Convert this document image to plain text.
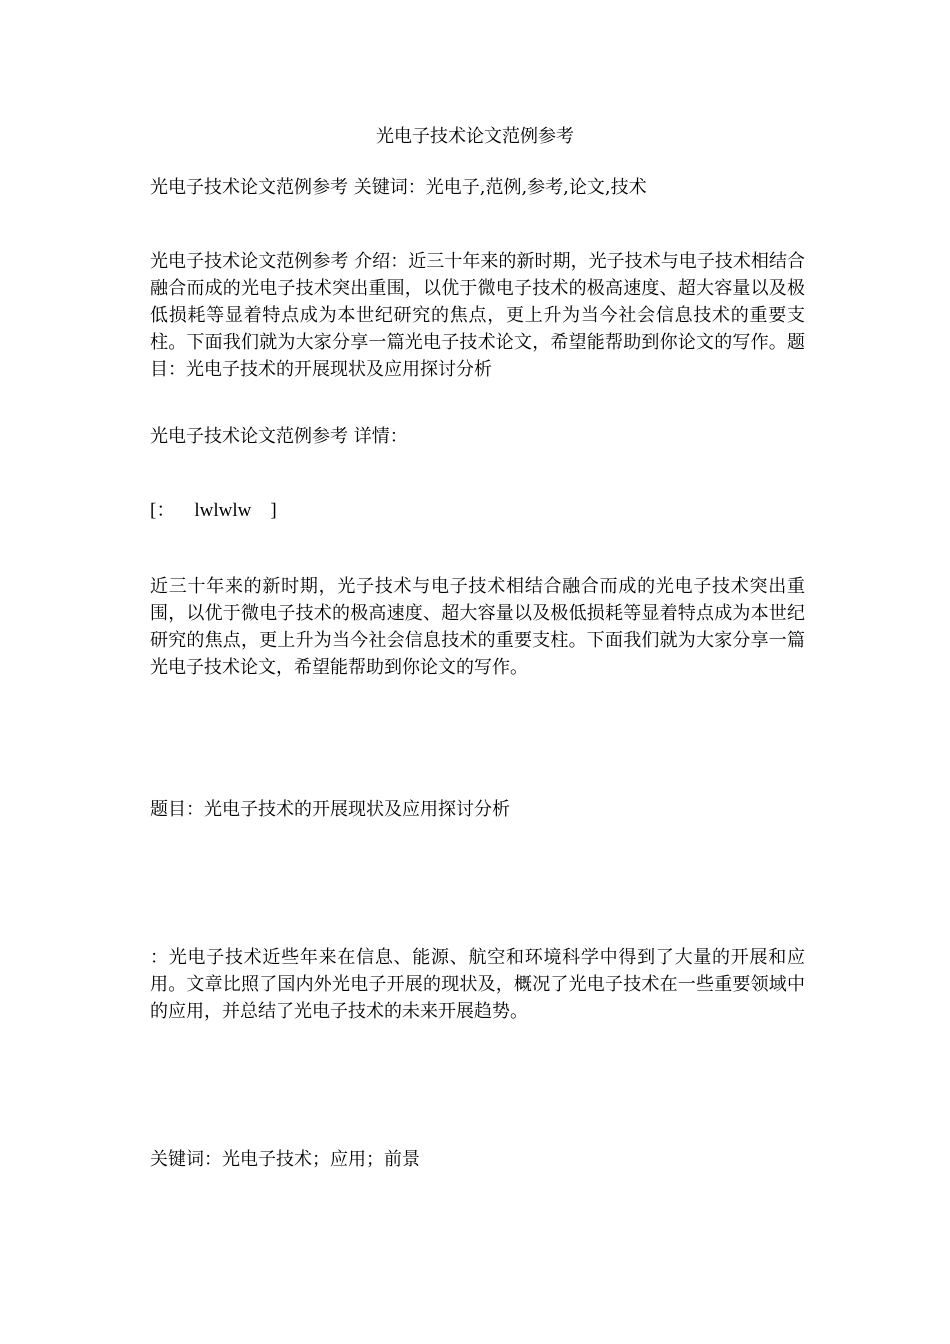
光电子技术论文范例参考

光电子技术论文范例参考 关键词：光电子,范例,参考,论文,技术

光电子技术论文范例参考 介绍：近三十年来的新时期，光子技术与电子技术相结合融合而成的光电子技术突出重围，以优于微电子技术的极高速度、超大容量以及极低损耗等显着特点成为本世纪研究的焦点，更上升为当今社会信息技术的重要支柱。下面我们就为大家分享一篇光电子技术论文，希望能帮助到你论文的写作。题目：光电子技术的开展现状及应用探讨分析

光电子技术论文范例参考 详情：

[：    lwlwlw    ]

近三十年来的新时期，光子技术与电子技术相结合融合而成的光电子技术突出重围，以优于微电子技术的极高速度、超大容量以及极低损耗等显着特点成为本世纪研究的焦点，更上升为当今社会信息技术的重要支柱。下面我们就为大家分享一篇光电子技术论文，希望能帮助到你论文的写作。

题目：光电子技术的开展现状及应用探讨分析

：光电子技术近些年来在信息、能源、航空和环境科学中得到了大量的开展和应用。文章比照了国内外光电子开展的现状及，概况了光电子技术在一些重要领域中的应用，并总结了光电子技术的未来开展趋势。

关键词：光电子技术；应用；前景
